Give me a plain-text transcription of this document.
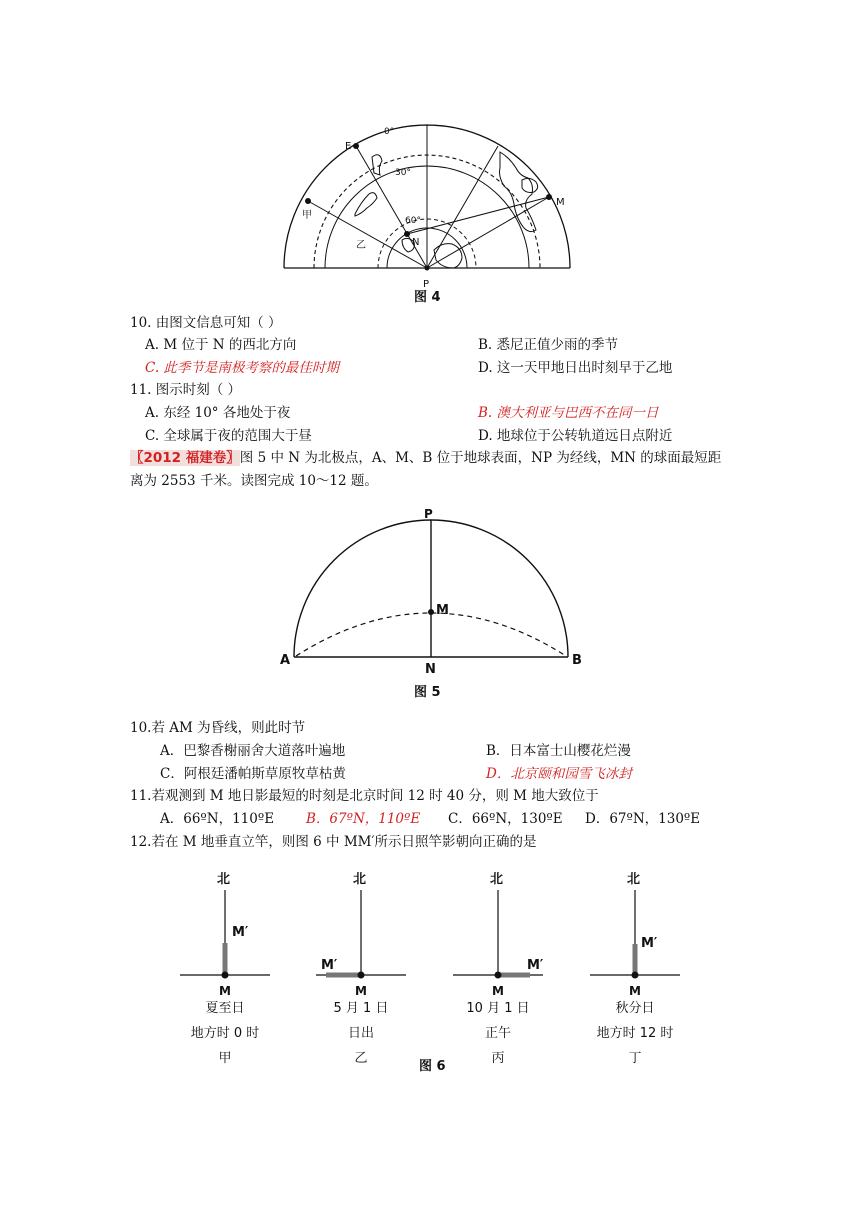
0°
30°
60°
E
M
甲
乙	N
P
图 4
10. 由图文信息可知（ ）
A. M 位于 N 的西北方向	B. 悉尼正值少雨的季节
C. 此季节是南极考察的最佳时期	D. 这一天甲地日出时刻早于乙地
11. 图示时刻（ ）
A. 东经 10° 各地处于夜	B. 澳大利亚与巴西不在同一日
C. 全球属于夜的范围大于昼	D. 地球位于公转轨道远日点附近
〖2012 福建卷〗图 5 中 N 为北极点，A、M、B 位于地球表面，NP 为经线，MN 的球面最短距
离为 2553 千米。读图完成 10～12 题。
P
M
A
N
B
图 5
10.若 AM 为昏线，则此时节
A．巴黎香榭丽舍大道落叶遍地	B．日本富士山樱花烂漫
C．阿根廷潘帕斯草原牧草枯黄	D．北京颐和园雪飞冰封
11.若观测到 M 地日影最短的时刻是北京时间 12 时 40 分，则 M 地大致位于
A．66ºN，110ºE B．67ºN，110ºE C．66ºN，130ºE D．67ºN，130ºE
12.若在 M 地垂直立竿，则图 6 中 MM′所示日照竿影朝向正确的是
北
M′
M
北
M′
M
北
M′
M
北
M′
M
夏至日
地方时 0 时
甲
5 月 1 日
日出
乙
10 月 1 日
正午
丙
秋分日
地方时 12 时
丁
图 6
